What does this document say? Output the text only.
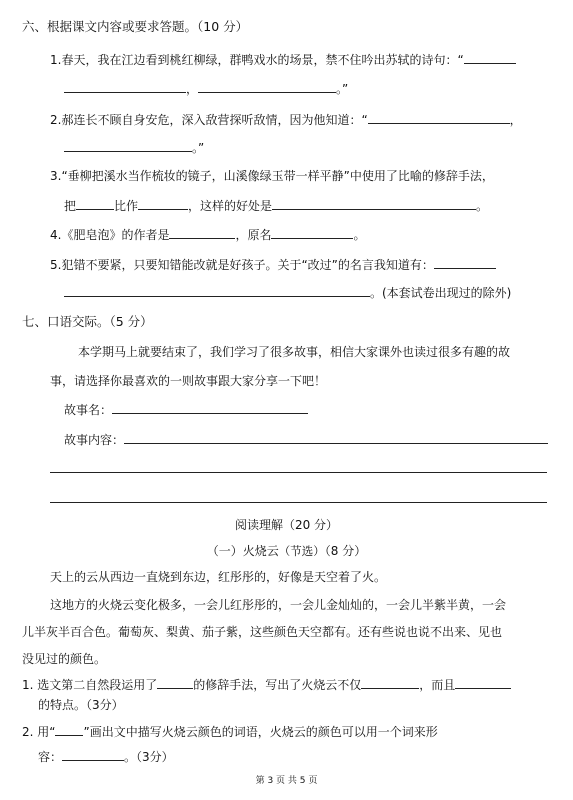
六、根据课文内容或要求答题。（10 分）
1.春天，我在江边看到桃红柳绿，群鸭戏水的场景，禁不住吟出苏轼的诗句：“
，	。”
2.郝连长不顾自身安危，深入敌营探听敌情，因为他知道：“	，
。”
3.“垂柳把溪水当作梳妆的镜子，山溪像绿玉带一样平静”中使用了比喻的修辞手法，
把	比作	，这样的好处是	。
4.《肥皂泡》的作者是	，原名	。
5.犯错不要紧，只要知错能改就是好孩子。关于“改过”的名言我知道有：
。(本套试卷出现过的除外)
七、口语交际。（5 分）
本学期马上就要结束了，我们学习了很多故事，相信大家课外也读过很多有趣的故
事，请选择你最喜欢的一则故事跟大家分享一下吧！
故事名：
故事内容：
阅读理解（20 分）
（一）火烧云（节选）（8 分）
天上的云从西边一直烧到东边，红彤彤的，好像是天空着了火。
这地方的火烧云变化极多，一会儿红彤彤的，一会儿金灿灿的，一会儿半紫半黄，一会
儿半灰半百合色。葡萄灰、梨黄、茄子紫，这些颜色天空都有。还有些说也说不出来、见也
没见过的颜色。
1. 选文第二自然段运用了	的修辞手法，写出了火烧云不仅	，而且
的特点。（3分）
2. 用“ ”画出文中描写火烧云颜色的词语，火烧云的颜色可以用一个词来形
容：	。（3分）
第 3 页 共 5 页
